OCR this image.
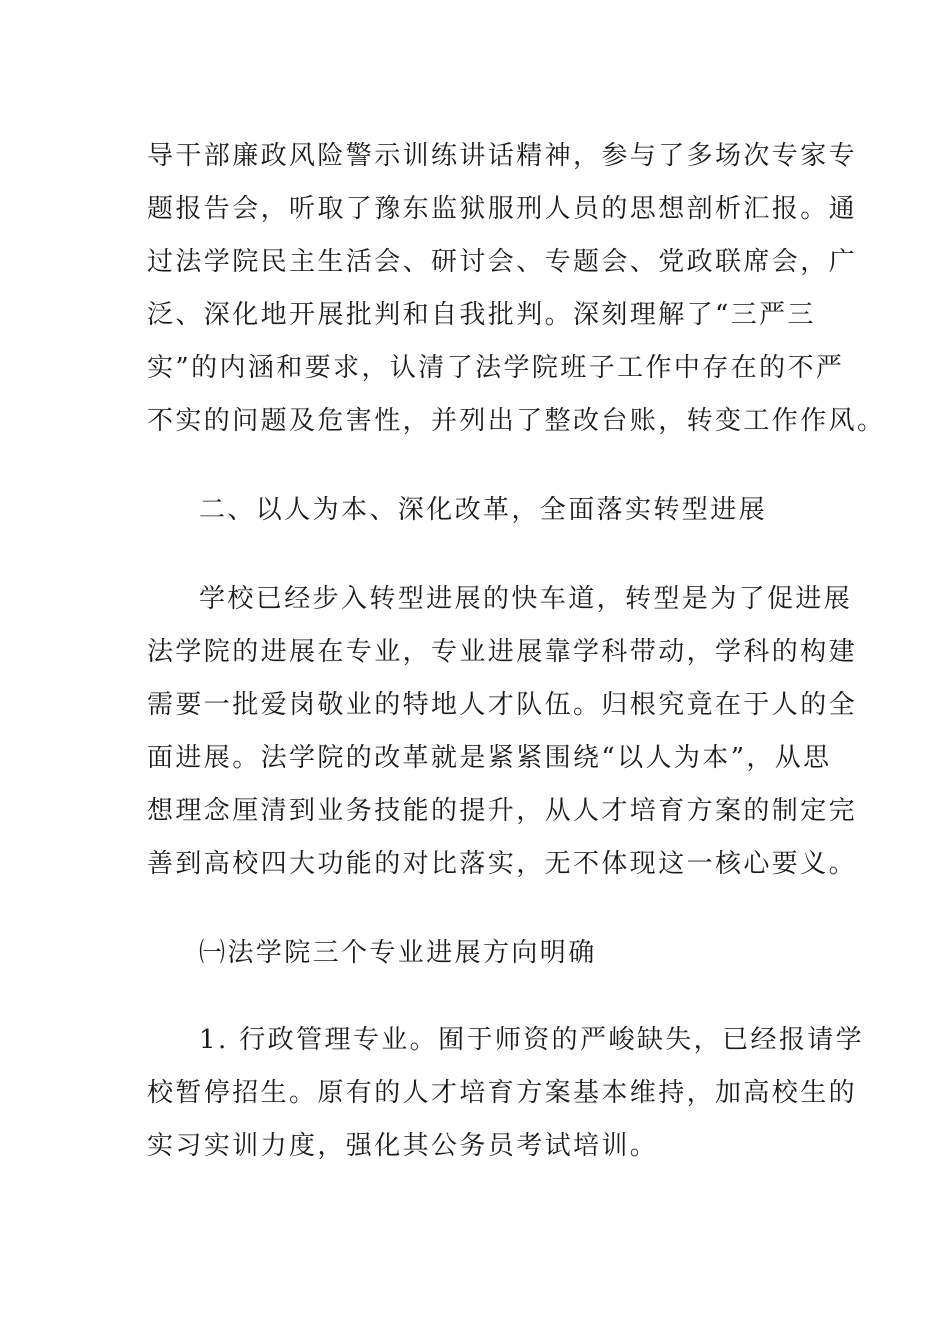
导干部廉政风险警示训练讲话精神，参与了多场次专家专
题报告会，听取了豫东监狱服刑人员的思想剖析汇报。通
过法学院民主生活会、研讨会、专题会、党政联席会，广
泛、深化地开展批判和自我批判。深刻理解了“三严三
实”的内涵和要求，认清了法学院班子工作中存在的不严
不实的问题及危害性，并列出了整改台账，转变工作作风。
二、以人为本、深化改革，全面落实转型进展
学校已经步入转型进展的快车道，转型是为了促进展
法学院的进展在专业，专业进展靠学科带动，学科的构建
需要一批爱岗敬业的特地人才队伍。归根究竟在于人的全
面进展。法学院的改革就是紧紧围绕“以人为本”，从思
想理念厘清到业务技能的提升，从人才培育方案的制定完
善到高校四大功能的对比落实，无不体现这一核心要义。
㈠法学院三个专业进展方向明确
1. 行政管理专业。囿于师资的严峻缺失，已经报请学
校暂停招生。原有的人才培育方案基本维持，加高校生的
实习实训力度，强化其公务员考试培训。
